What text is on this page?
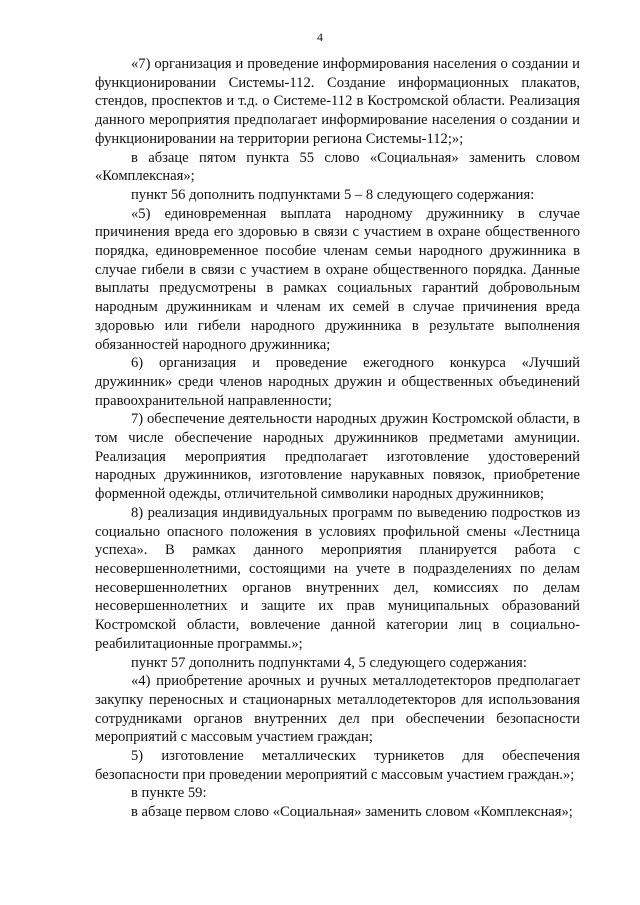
4

«7) организация и проведение информирования населения о создании и функционировании Системы-112. Создание информационных плакатов, стендов, проспектов и т.д. о Системе-112 в Костромской области. Реализация данного мероприятия предполагает информирование населения о создании и функционировании на территории региона Системы-112;»;

в абзаце пятом пункта 55 слово «Социальная» заменить словом «Комплексная»;

пункт 56 дополнить подпунктами 5 – 8 следующего содержания:

«5) единовременная выплата народному дружиннику в случае причинения вреда его здоровью в связи с участием в охране общественного порядка, единовременное пособие членам семьи народного дружинника в случае гибели в связи с участием в охране общественного порядка. Данные выплаты предусмотрены в рамках социальных гарантий добровольным народным дружинникам и членам их семей в случае причинения вреда здоровью или гибели народного дружинника в результате выполнения обязанностей народного дружинника;

6) организация и проведение ежегодного конкурса «Лучший дружинник» среди членов народных дружин и общественных объединений правоохранительной направленности;

7) обеспечение деятельности народных дружин Костромской области, в том числе обеспечение народных дружинников предметами амуниции. Реализация мероприятия предполагает изготовление удостоверений народных дружинников, изготовление нарукавных повязок, приобретение форменной одежды, отличительной символики народных дружинников;

8) реализация индивидуальных программ по выведению подростков из социально опасного положения в условиях профильной смены «Лестница успеха». В рамках данного мероприятия планируется работа с несовершеннолетними, состоящими на учете в подразделениях по делам несовершеннолетних органов внутренних дел, комиссиях по делам несовершеннолетних и защите их прав муниципальных образований Костромской области, вовлечение данной категории лиц в социально-реабилитационные программы.»;

пункт 57 дополнить подпунктами 4, 5 следующего содержания:

«4) приобретение арочных и ручных металлодетекторов предполагает закупку переносных и стационарных металлодетекторов для использования сотрудниками органов внутренних дел при обеспечении безопасности мероприятий с массовым участием граждан;

5) изготовление металлических турникетов для обеспечения безопасности при проведении мероприятий с массовым участием граждан.»;

в пункте 59:

в абзаце первом слово «Социальная» заменить словом «Комплексная»;
